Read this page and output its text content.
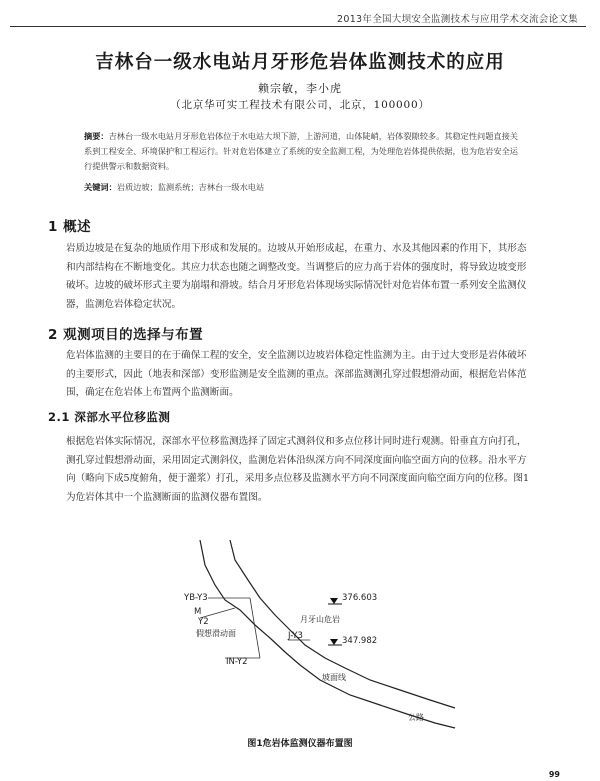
2013年全国大坝安全监测技术与应用学术交流会论文集
吉林台一级水电站月牙形危岩体监测技术的应用
赖宗敏，李小虎
（北京华可实工程技术有限公司，北京，100000）
摘要：吉林台一级水电站月牙形危岩体位于水电站大坝下游，上游河道，山体陡峭，岩体裂隙较多。其稳定性问题直接关系到工程安全、环境保护和工程运行。针对危岩体建立了系统的安全监测工程，为处理危岩体提供依据，也为危岩安全运行提供警示和数据资料。
关键词：岩质边坡；监测系统；吉林台一级水电站
1 概述
岩质边坡是在复杂的地质作用下形成和发展的。边坡从开始形成起，在重力、水及其他因素的作用下，其形态和内部结构在不断地变化。其应力状态也随之调整改变。当调整后的应力高于岩体的强度时，将导致边坡变形破坏。边坡的破坏形式主要为崩塌和滑坡。结合月牙形危岩体现场实际情况针对危岩体布置一系列安全监测仪器，监测危岩体稳定状况。
2 观测项目的选择与布置
危岩体监测的主要目的在于确保工程的安全，安全监测以边坡岩体稳定性监测为主。由于过大变形是岩体破坏的主要形式，因此（地表和深部）变形监测是安全监测的重点。深部监测测孔穿过假想滑动面，根据危岩体范围，确定在危岩体上布置两个监测断面。
2.1 深部水平位移监测
根据危岩体实际情况，深部水平位移监测选择了固定式测斜仪和多点位移计同时进行观测。铅垂直方向打孔，测孔穿过假想滑动面，采用固定式测斜仪，监测危岩体沿纵深方向不同深度面向临空面方向的位移。沿水平方向（略向下成5度俯角，便于灌浆）打孔，采用多点位移及监测水平方向不同深度面向临空面方向的位移。图1为危岩体其中一个监测断面的监测仪器布置图。
YB-Y3
M
Y2
假想滑动面
376.603
月牙山危岩
J-Y3	347.982
IN-Y2
坡面线
公路
图1危岩体监测仪器布置图
99
